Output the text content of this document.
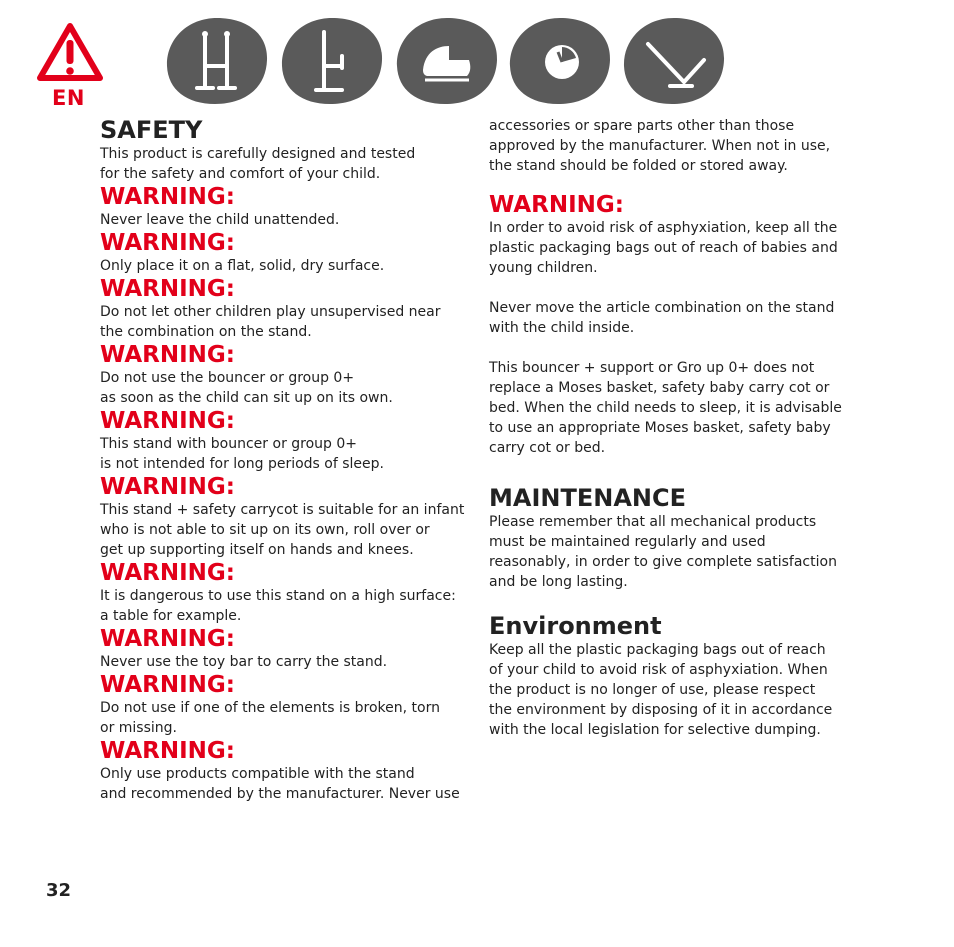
EN
SAFETY

This product is carefully designed and tested
for the safety and comfort of your child.

WARNING:

Never leave the child unattended.

WARNING:

Only place it on a flat, solid, dry surface.

WARNING:

Do not let other children play unsupervised near
the combination on the stand.

WARNING:

Do not use the bouncer or group 0+
as soon as the child can sit up on its own.

WARNING:

This stand with bouncer or group 0+
is not intended for long periods of sleep.

WARNING:

This stand + safety carrycot is suitable for an infant
who is not able to sit up on its own, roll over or
get up supporting itself on hands and knees.

WARNING:

It is dangerous to use this stand on a high surface:
a table for example.

WARNING:

Never use the toy bar to carry the stand.

WARNING:

Do not use if one of the elements is broken, torn
or missing.

WARNING:

Only use products compatible with the stand
and recommended by the manufacturer. Never use

accessories or spare parts other than those
approved by the manufacturer. When not in use,
the stand should be folded or stored away.

WARNING:

In order to avoid risk of asphyxiation, keep all the
plastic packaging bags out of reach of babies and
young children.

Never move the article combination on the stand
with the child inside.

This bouncer + support or Gro up 0+ does not
replace a Moses basket, safety baby carry cot or
bed. When the child needs to sleep, it is advisable
to use an appropriate Moses basket, safety baby
carry cot or bed.

MAINTENANCE

Please remember that all mechanical products
must be maintained regularly and used
reasonably, in order to give complete satisfaction
and be long lasting.

Environment

Keep all the plastic packaging bags out of reach
of your child to avoid risk of asphyxiation. When
the product is no longer of use, please respect
the environment by disposing of it in accordance
with the local legislation for selective dumping.

32
